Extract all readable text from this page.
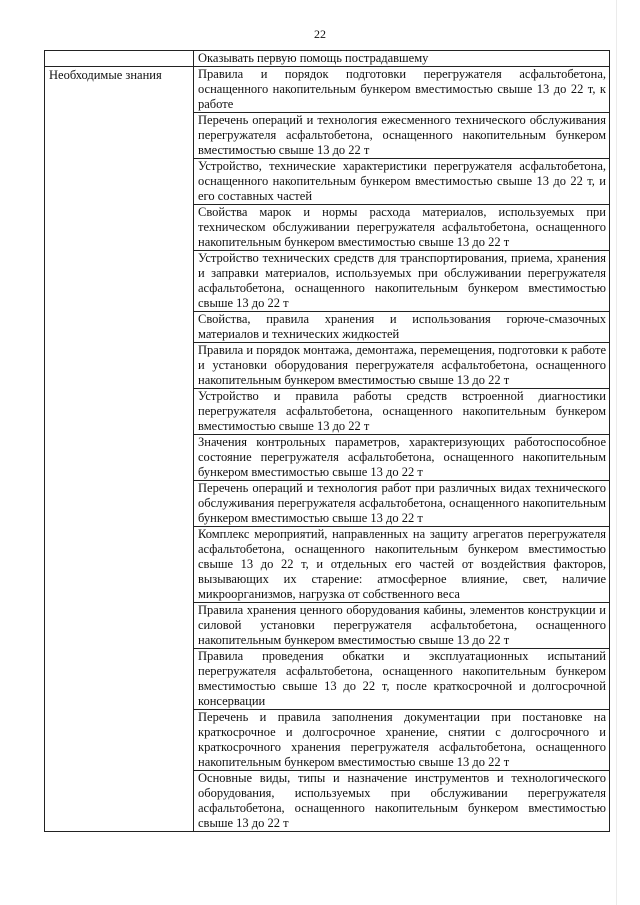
22
	Оказывать первую помощь пострадавшему
Необходимые знания	Правила и порядок подготовки перегружателя асфальтобетона, оснащенного накопительным бункером вместимостью свыше 13 до 22 т, к работе
	Перечень операций и технология ежесменного технического обслуживания перегружателя асфальтобетона, оснащенного накопительным бункером вместимостью свыше 13 до 22 т
	Устройство, технические характеристики перегружателя асфальтобетона, оснащенного накопительным бункером вместимостью свыше 13 до 22 т, и его составных частей
	Свойства марок и нормы расхода материалов, используемых при техническом обслуживании перегружателя асфальтобетона, оснащенного накопительным бункером вместимостью свыше 13 до 22 т
	Устройство технических средств для транспортирования, приема, хранения и заправки материалов, используемых при обслуживании перегружателя асфальтобетона, оснащенного накопительным бункером вместимостью свыше 13 до 22 т
	Свойства, правила хранения и использования горюче-смазочных материалов и технических жидкостей
	Правила и порядок монтажа, демонтажа, перемещения, подготовки к работе и установки оборудования перегружателя асфальтобетона, оснащенного накопительным бункером вместимостью свыше 13 до 22 т
	Устройство и правила работы средств встроенной диагностики перегружателя асфальтобетона, оснащенного накопительным бункером вместимостью свыше 13 до 22 т
	Значения контрольных параметров, характеризующих работоспособное состояние перегружателя асфальтобетона, оснащенного накопительным бункером вместимостью свыше 13 до 22 т
	Перечень операций и технология работ при различных видах технического обслуживания перегружателя асфальтобетона, оснащенного накопительным бункером вместимостью свыше 13 до 22 т
	Комплекс мероприятий, направленных на защиту агрегатов перегружателя асфальтобетона, оснащенного накопительным бункером вместимостью свыше 13 до 22 т, и отдельных его частей от воздействия факторов, вызывающих их старение: атмосферное влияние, свет, наличие микроорганизмов, нагрузка от собственного веса
	Правила хранения ценного оборудования кабины, элементов конструкции и силовой установки перегружателя асфальтобетона, оснащенного накопительным бункером вместимостью свыше 13 до 22 т
	Правила проведения обкатки и эксплуатационных испытаний перегружателя асфальтобетона, оснащенного накопительным бункером вместимостью свыше 13 до 22 т, после краткосрочной и долгосрочной консервации
	Перечень и правила заполнения документации при постановке на краткосрочное и долгосрочное хранение, снятии с долгосрочного и краткосрочного хранения перегружателя асфальтобетона, оснащенного накопительным бункером вместимостью свыше 13 до 22 т
	Основные виды, типы и назначение инструментов и технологического оборудования, используемых при обслуживании перегружателя асфальтобетона, оснащенного накопительным бункером вместимостью свыше 13 до 22 т
